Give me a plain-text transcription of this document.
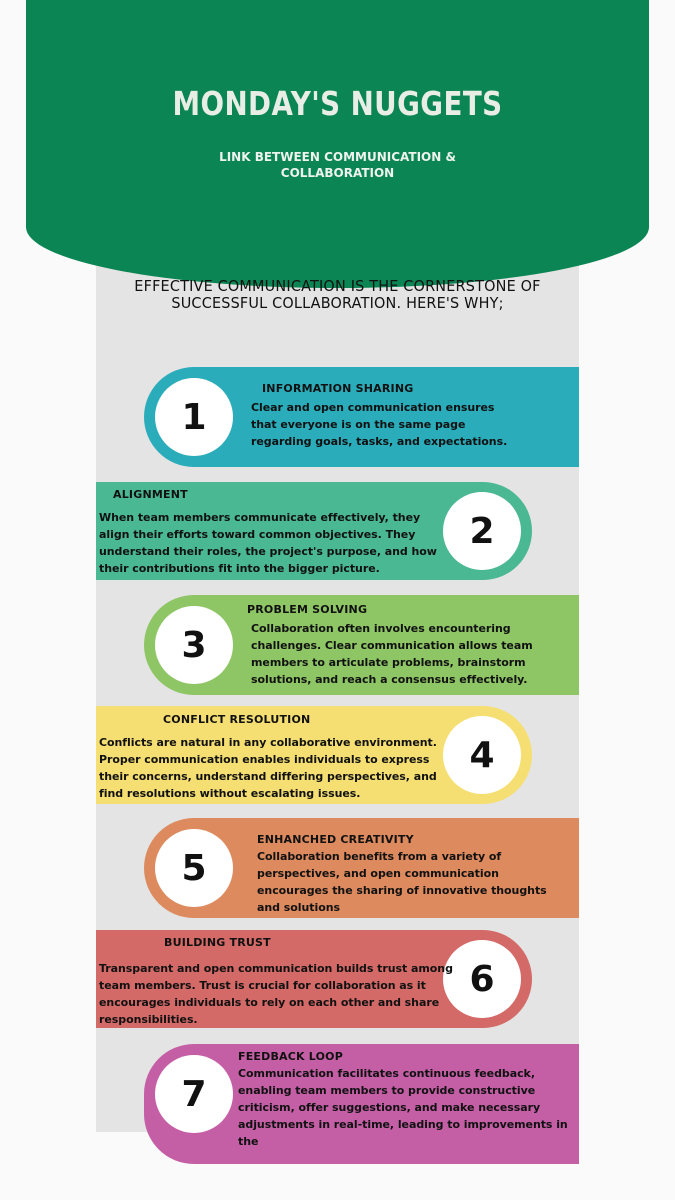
MONDAY'S NUGGETS
LINK BETWEEN COMMUNICATION & COLLABORATION
EFFECTIVE COMMUNICATION IS THE CORNERSTONE OF SUCCESSFUL COLLABORATION. HERE'S WHY;
1
INFORMATION SHARING
Clear and open communication ensures that everyone is on the same page regarding goals, tasks, and expectations.
2
ALIGNMENT
When team members communicate effectively, they align their efforts toward common objectives. They understand their roles, the project's purpose, and how their contributions fit into the bigger picture.
3
PROBLEM SOLVING
Collaboration often involves encountering challenges. Clear communication allows team members to articulate problems, brainstorm solutions, and reach a consensus effectively.
4
CONFLICT RESOLUTION
Conflicts are natural in any collaborative environment. Proper communication enables individuals to express their concerns, understand differing perspectives, and find resolutions without escalating issues.
5
ENHANCHED CREATIVITY
Collaboration benefits from a variety of perspectives, and open communication encourages the sharing of innovative thoughts and solutions
6
BUILDING TRUST
Transparent and open communication builds trust among team members. Trust is crucial for collaboration as it encourages individuals to rely on each other and share responsibilities.
7
FEEDBACK LOOP
Communication facilitates continuous feedback, enabling team members to provide constructive criticism, offer suggestions, and make necessary adjustments in real-time, leading to improvements in the
